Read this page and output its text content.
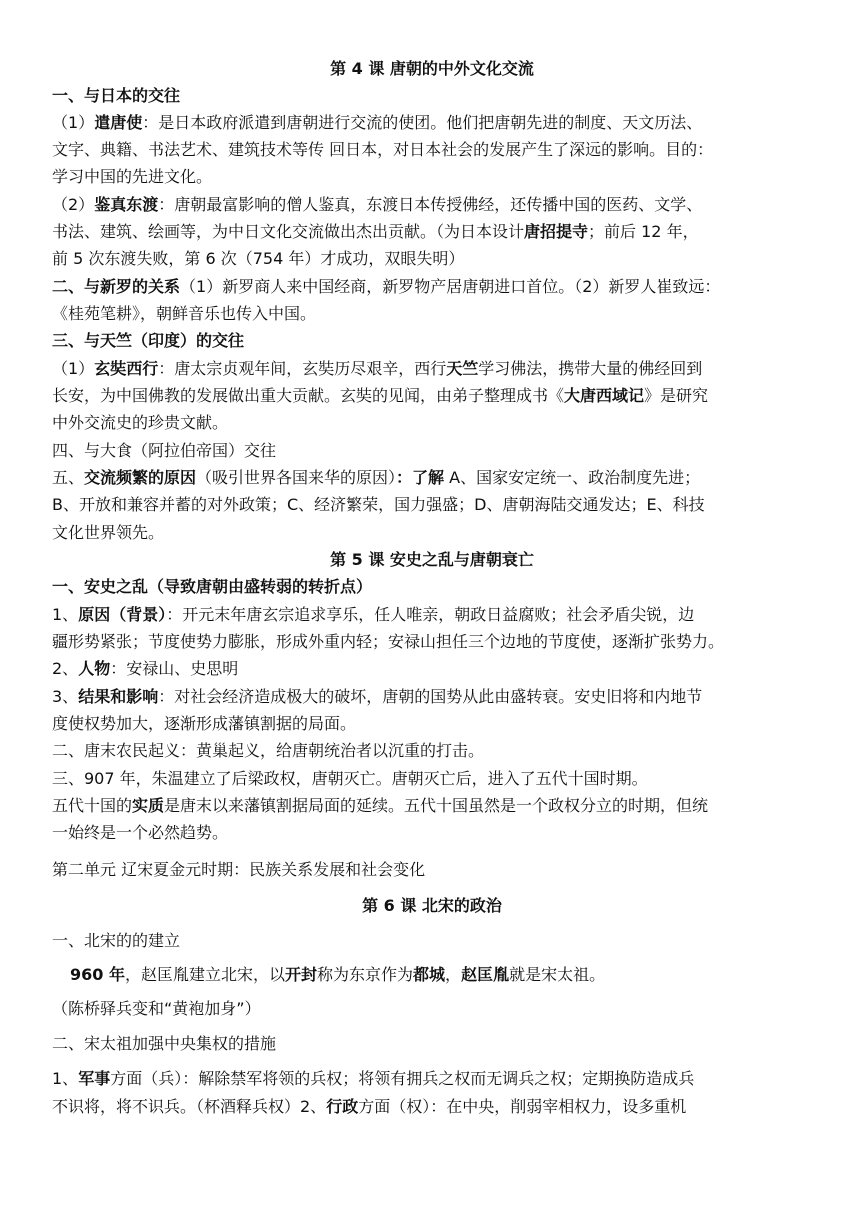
第 4 课 唐朝的中外文化交流
一、与日本的交往
（1）遣唐使：是日本政府派遣到唐朝进行交流的使团。他们把唐朝先进的制度、天文历法、
文字、典籍、书法艺术、建筑技术等传 回日本，对日本社会的发展产生了深远的影响。目的：
学习中国的先进文化。
（2）鉴真东渡：唐朝最富影响的僧人鉴真，东渡日本传授佛经，还传播中国的医药、文学、
书法、建筑、绘画等，为中日文化交流做出杰出贡献。（为日本设计唐招提寺；前后 12 年，
前 5 次东渡失败，第 6 次（754 年）才成功，双眼失明）
二、与新罗的关系（1）新罗商人来中国经商，新罗物产居唐朝进口首位。（2）新罗人崔致远：
《桂苑笔耕》，朝鲜音乐也传入中国。
三、与天竺（印度）的交往
（1）玄奘西行：唐太宗贞观年间，玄奘历尽艰辛，西行天竺学习佛法，携带大量的佛经回到
长安，为中国佛教的发展做出重大贡献。玄奘的见闻，由弟子整理成书《大唐西域记》是研究
中外交流史的珍贵文献。
四、与大食（阿拉伯帝国）交往
五、交流频繁的原因（吸引世界各国来华的原因）：了解 A、国家安定统一、政治制度先进；
B、开放和兼容并蓄的对外政策；C、经济繁荣，国力强盛；D、唐朝海陆交通发达；E、科技
文化世界领先。
第 5 课 安史之乱与唐朝衰亡
一、安史之乱（导致唐朝由盛转弱的转折点）
1、原因（背景）：开元末年唐玄宗追求享乐，任人唯亲，朝政日益腐败；社会矛盾尖锐，边
疆形势紧张；节度使势力膨胀，形成外重内轻；安禄山担任三个边地的节度使，逐渐扩张势力。
2、人物：安禄山、史思明
3、结果和影响：对社会经济造成极大的破坏，唐朝的国势从此由盛转衰。安史旧将和内地节
度使权势加大，逐渐形成藩镇割据的局面。
二、唐末农民起义：黄巢起义，给唐朝统治者以沉重的打击。
三、907 年，朱温建立了后梁政权，唐朝灭亡。唐朝灭亡后，进入了五代十国时期。
五代十国的实质是唐末以来藩镇割据局面的延续。五代十国虽然是一个政权分立的时期，但统
一始终是一个必然趋势。
第二单元 辽宋夏金元时期：民族关系发展和社会变化
第 6 课 北宋的政治
一、北宋的的建立
960 年，赵匡胤建立北宋，以开封称为东京作为都城，赵匡胤就是宋太祖。
（陈桥驿兵变和“黄袍加身”）
二、宋太祖加强中央集权的措施
1、军事方面（兵）：解除禁军将领的兵权；将领有拥兵之权而无调兵之权；定期换防造成兵
不识将，将不识兵。（杯酒释兵权）2、行政方面（权）：在中央，削弱宰相权力，设多重机
